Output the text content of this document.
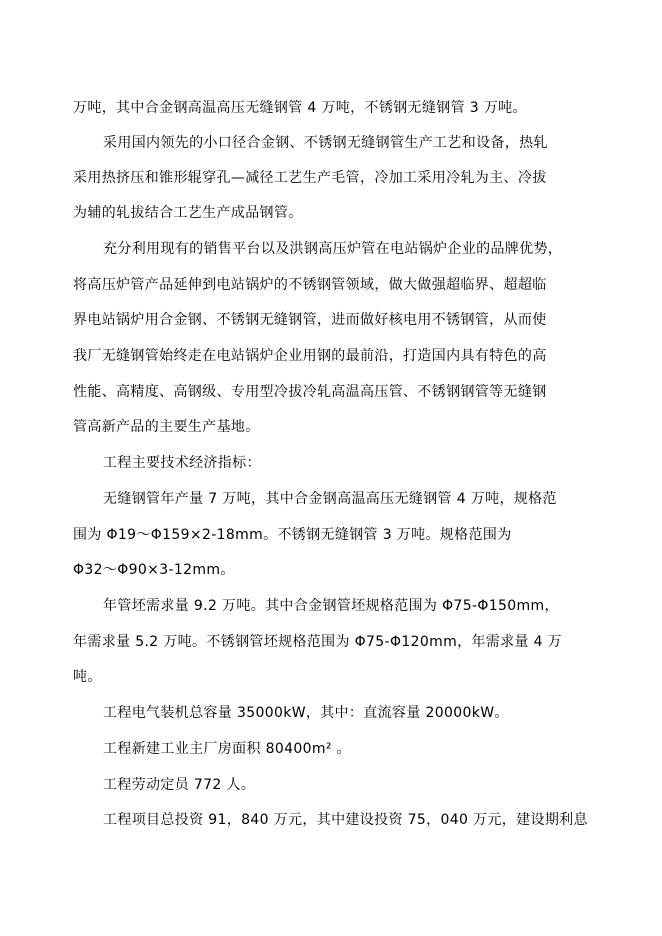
万吨，其中合金钢高温高压无缝钢管 4 万吨，不锈钢无缝钢管 3 万吨。
采用国内领先的小口径合金钢、不锈钢无缝钢管生产工艺和设备，热轧
采用热挤压和锥形辊穿孔—减径工艺生产毛管，冷加工采用冷轧为主、冷拔
为辅的轧拔结合工艺生产成品钢管。
充分利用现有的销售平台以及洪钢高压炉管在电站锅炉企业的品牌优势，
将高压炉管产品延伸到电站锅炉的不锈钢管领域，做大做强超临界、超超临
界电站锅炉用合金钢、不锈钢无缝钢管，进而做好核电用不锈钢管，从而使
我厂无缝钢管始终走在电站锅炉企业用钢的最前沿，打造国内具有特色的高
性能、高精度、高钢级、专用型冷拔冷轧高温高压管、不锈钢钢管等无缝钢
管高新产品的主要生产基地。
工程主要技术经济指标：
无缝钢管年产量 7 万吨，其中合金钢高温高压无缝钢管 4 万吨，规格范
围为 Φ19～Φ159×2-18mm。不锈钢无缝钢管 3 万吨。规格范围为
Φ32～Φ90×3-12mm。
年管坯需求量 9.2 万吨。其中合金钢管坯规格范围为 Φ75-Φ150mm，
年需求量 5.2 万吨。不锈钢管坯规格范围为 Φ75-Φ120mm，年需求量 4 万
吨。
工程电气装机总容量 35000kW，其中：直流容量 20000kW。
工程新建工业主厂房面积 80400m² 。
工程劳动定员 772 人。
工程项目总投资 91，840 万元，其中建设投资 75，040 万元，建设期利息
